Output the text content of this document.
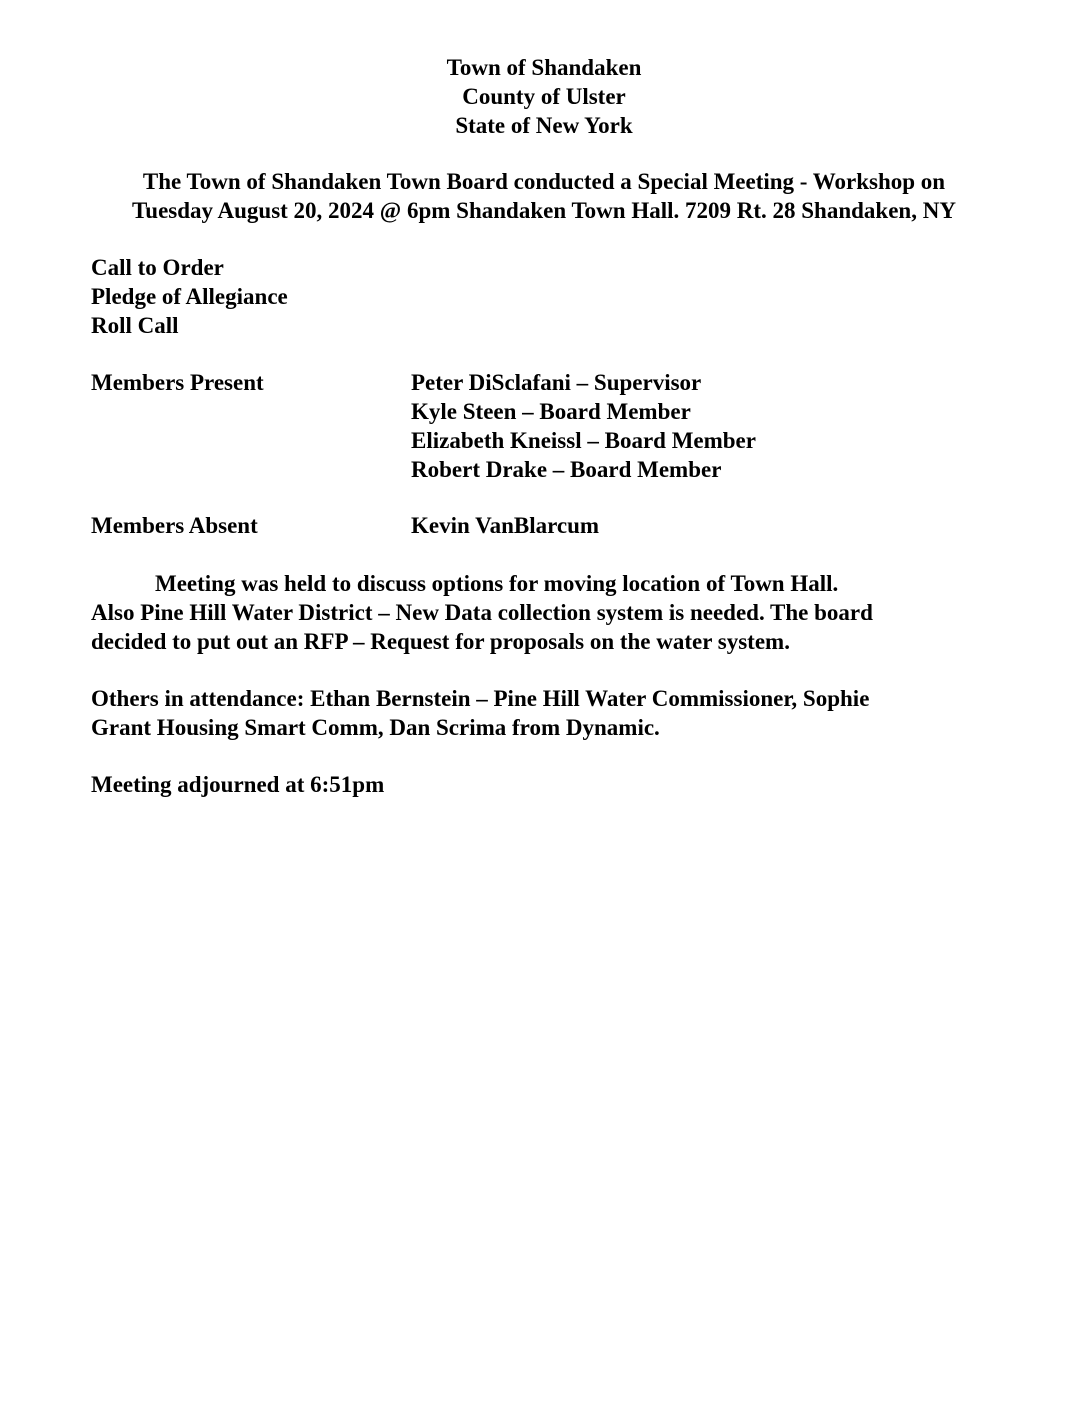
Town of Shandaken
County of Ulster
State of New York
The Town of Shandaken Town Board conducted a Special Meeting - Workshop on
Tuesday August 20, 2024 @ 6pm Shandaken Town Hall. 7209 Rt. 28 Shandaken, NY
Call to Order
Pledge of Allegiance
Roll Call
Members Present	Peter DiSclafani – Supervisor
Kyle Steen – Board Member
Elizabeth Kneissl – Board Member
Robert Drake – Board Member
Members Absent	Kevin VanBlarcum
Meeting was held to discuss options for moving location of Town Hall.
Also Pine Hill Water District – New Data collection system is needed. The board
decided to put out an RFP – Request for proposals on the water system.
Others in attendance: Ethan Bernstein – Pine Hill Water Commissioner, Sophie
Grant Housing Smart Comm, Dan Scrima from Dynamic.
Meeting adjourned at 6:51pm
